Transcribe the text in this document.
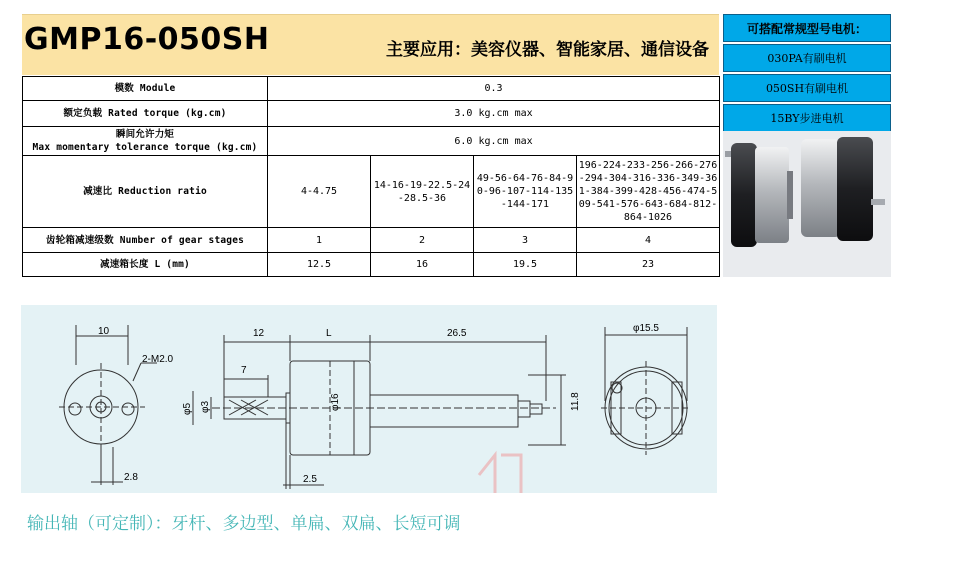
GMP16-050SH	主要应用：美容仪器、智能家居、通信设备
模数 Module	0.3			
额定负载 Rated torque (kg.cm)	3.0 kg.cm max			

瞬间允许力矩
Max momentary tolerance torque (kg.cm)	6.0 kg.cm max			
减速比 Reduction ratio	4-4.75	14-16-19-22.5-24-28.5-36	49-56-64-76-84-90-96-107-114-135-144-171	196-224-233-256-266-276-294-304-316-336-349-361-384-399-428-456-474-509-541-576-643-684-812-864-1026
齿轮箱减速级数 Number of gear stages	1	2	3	4
减速箱长度 L (mm)	12.5	16	19.5	23
可搭配常规型号电机：
030PA有刷电机
050SH有刷电机
15BY步进电机
10
2-M2.0
2.8
12	L	26.5
7
φ5 φ3	φ16
2.5
11.8
φ15.5
输出轴（可定制）：牙杆、多边型、单扁、双扁、长短可调
